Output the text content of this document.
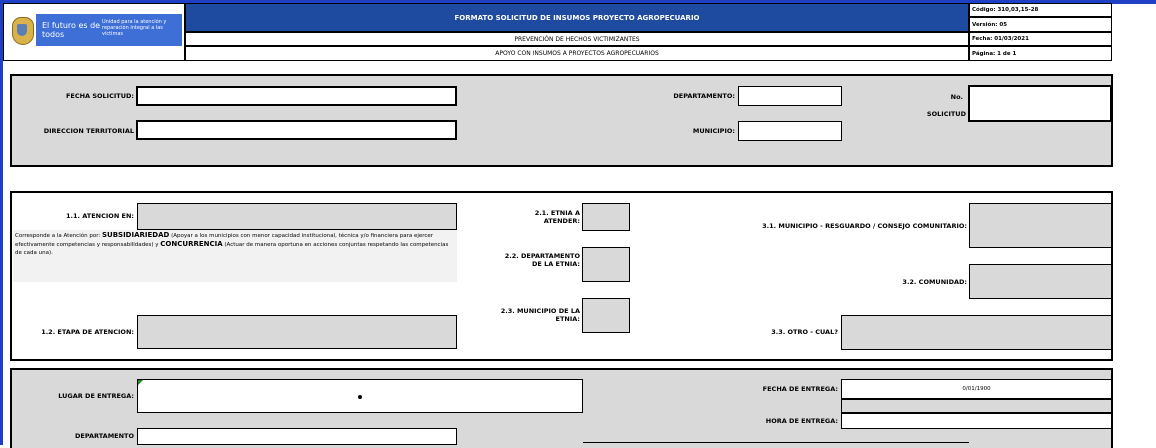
El futuro es de todos
Unidad para la atención y reparación integral a las víctimas
FORMATO SOLICITUD DE INSUMOS PROYECTO AGROPECUARIO
PREVENCIÓN DE HECHOS VICTIMIZANTES
APOYO CON INSUMOS A PROYECTOS AGROPECUARIOS
Código: 310,03,15-28
Versión: 05
Fecha: 01/03/2021
Página: 1 de 1
FECHA SOLICITUD:
DIRECCION TERRITORIAL
DEPARTAMENTO:
MUNICIPIO:
No.
SOLICITUD
1.1. ATENCION EN:
Corresponde a la Atención por: SUBSIDIARIEDAD (Apoyar a los municipios con menor capacidad institucional, técnica y/o financiera para ejercer efectivamente competencias y responsabilidades) y CONCURRENCIA (Actuar de manera oportuna en acciones conjuntas respetando las competencias de cada una).
1.2. ETAPA DE ATENCION:
2.1. ETNIA A ATENDER:
2.2. DEPARTAMENTO DE LA ETNIA:
2.3. MUNICIPIO DE LA ETNIA:
3.1. MUNICIPIO - RESGUARDO / CONSEJO COMUNITARIO:
3.2. COMUNIDAD:
3.3. OTRO - CUAL?
LUGAR DE ENTREGA:
DEPARTAMENTO
FECHA DE ENTREGA:	0/01/1900
HORA DE ENTREGA:
